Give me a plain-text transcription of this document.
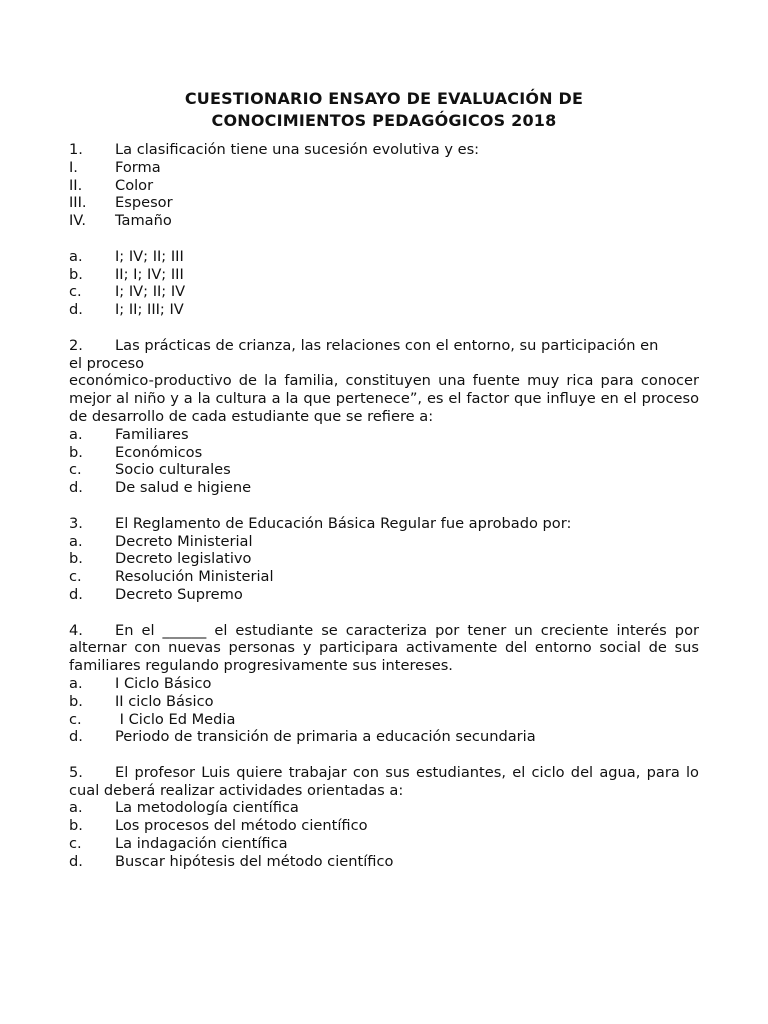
CUESTIONARIO ENSAYO DE EVALUACIÓN DE
CONOCIMIENTOS PEDAGÓGICOS 2018
1.	La clasificación tiene una sucesión evolutiva y es:
I.	Forma
II.	Color
III.	Espesor
IV.	Tamaño
a.	I; IV; II; III
b.	II; I; IV; III
c.	I; IV; II; IV
d.	I; II; III; IV
2. Las prácticas de crianza, las relaciones con el entorno, su participación en
el proceso
económico-productivo de la familia, constituyen una fuente muy rica para conocer mejor al niño y a la cultura a la que pertenece”, es el factor que influye en el proceso de desarrollo de cada estudiante que se refiere a:
a.	Familiares
b.	Económicos
c.	Socio culturales
d.	De salud e higiene
3.	El Reglamento de Educación Básica Regular fue aprobado por:
a.	Decreto Ministerial
b.	Decreto legislativo
c.	Resolución Ministerial
d.	Decreto Supremo
4. En el ______ el estudiante se caracteriza por tener un creciente interés por alternar con nuevas personas y participara activamente del entorno social de sus familiares regulando progresivamente sus intereses.
a.	I Ciclo Básico
b.	II ciclo Básico
c.	I Ciclo Ed Media
d.	Periodo de transición de primaria a educación secundaria
5. El profesor Luis quiere trabajar con sus estudiantes, el ciclo del agua, para lo cual deberá realizar actividades orientadas a:
a.	La metodología científica
b.	Los procesos del método científico
c.	La indagación científica
d.	Buscar hipótesis del método científico
